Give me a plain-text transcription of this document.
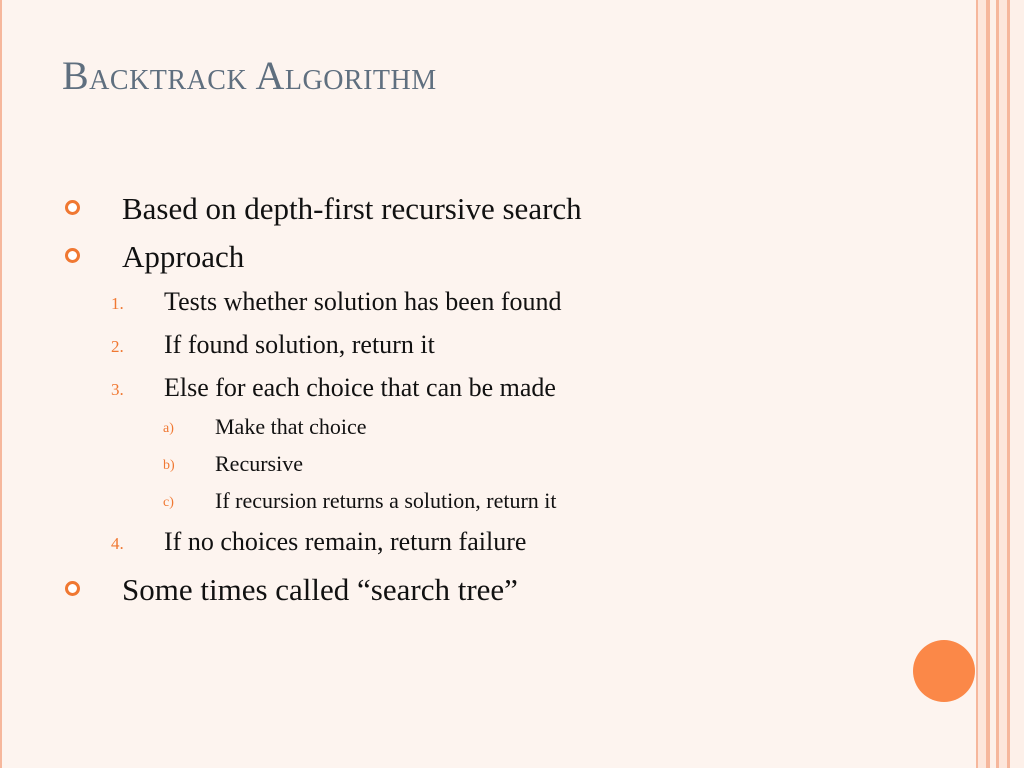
Backtrack Algorithm
Based on depth-first recursive search
Approach
1. Tests whether solution has been found
2. If found solution, return it
3. Else for each choice that can be made
a) Make that choice
b) Recursive
c) If recursion returns a solution, return it
4. If no choices remain, return failure
Some times called “search tree”
